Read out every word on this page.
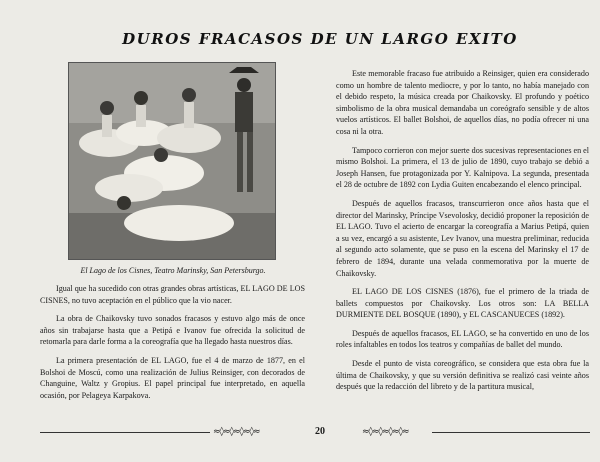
DUROS FRACASOS DE UN LARGO EXITO
El Lago de los Cisnes, Teatro Marinsky, San Petersburgo.

Igual que ha sucedido con otras grandes obras artísticas, EL LAGO DE LOS CISNES, no tuvo aceptación en el público que la vio nacer.

La obra de Chaikovsky tuvo sonados fracasos y estuvo algo más de once años sin trabajarse hasta que a Petipá e Ivanov fue ofrecida la solicitud de retomarla para darle forma a la coreografía que ha llegado hasta nuestros días.

La primera presentación de EL LAGO, fue el 4 de marzo de 1877, en el Bolshoi de Moscú, como una realización de Julius Reinsiger, con decorados de Changuine, Waltz y Gropius. El papel principal fue interpretado, en aquella ocasión, por Pelageya Karpakova.

Este memorable fracaso fue atribuido a Reinsiger, quien era considerado como un hombre de talento mediocre, y por lo tanto, no había manejado con el debido respeto, la música creada por Chaikovsky. El profundo y poético simbolismo de la obra musical demandaba un coreógrafo sensible y de altos vuelos artísticos. El ballet Bolshoi, de aquellos días, no podía ofrecer ni una cosa ni la otra.

Tampoco corrieron con mejor suerte dos sucesivas representaciones en el mismo Bolshoi. La primera, el 13 de julio de 1890, cuyo trabajo se debió a Joseph Hansen, fue protagonizada por Y. Kalnipova. La segunda, presentada el 28 de octubre de 1892 con Lydia Guiten encabezando el elenco principal.

Después de aquellos fracasos, transcurrieron once años hasta que el director del Marinsky, Príncipe Vsevolosky, decidió proponer la reposición de EL LAGO. Tuvo el acierto de encargar la coreografía a Marius Petipá, quien a su vez, encargó a su asistente, Lev Ivanov, una muestra preliminar, reducida al segundo acto solamente, que se puso en la escena del Marinsky el 17 de febrero de 1894, durante una velada conmemorativa por la muerte de Chaikovsky.

EL LAGO DE LOS CISNES (1876), fue el primero de la triada de ballets compuestos por Chaikovsky. Los otros son: LA BELLA DURMIENTE DEL BOSQUE (1890), y EL CASCANUECES (1892).

Después de aquellos fracasos, EL LAGO, se ha convertido en uno de los roles infaltables en todos los teatros y compañías de ballet del mundo.

Desde el punto de vista coreográfico, se considera que esta obra fue la última de Chaikovsky, y que su versión definitiva se realizó casi veinte años después que la redacción del libreto y de la partitura musical,

≈◊≈◊≈◊≈◊≈	20	≈◊≈◊≈◊≈◊≈
